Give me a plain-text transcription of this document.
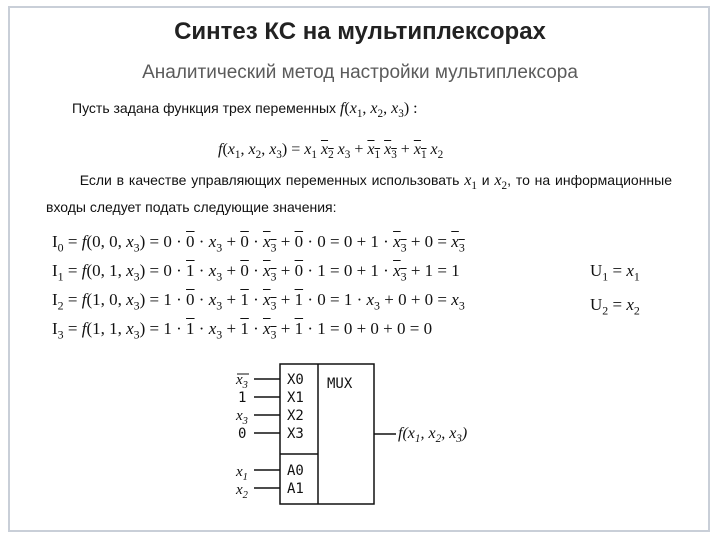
Синтез КС на мультиплексорах
Аналитический метод настройки мультиплексора
Пусть задана функция трех переменных $f(x_1$, $x_2$, $x_3$) :
$f(x_1$, $x_2$, $x_3) = x_1$ $x_2$ $x_3 + x_1$ $x_3 + x_1$ $x_2$
Если в качестве управляющих переменных использовать $x_1$ и $x_2$, то на информационные входы следует подать следующие значения:
$I_0 = f(0$, 0, $x_3) = 0 \cdot 0 \cdot x_3 + 0 \cdot x_3 + 0 \cdot 0 = 0 + 1 \cdot x_3 + 0 = x_3$
$I_1 = f(0$, 1, $x_3) = 0 \cdot 1 \cdot x_3 + 0 \cdot x_3 + 0 \cdot 1 = 0 + 1 \cdot x_3 + 1 = 1$
$I_2 = f(1$, 0, $x_3) = 1 \cdot 0 \cdot x_3 + 1 \cdot x_3 + 1 \cdot 0 = 1 \cdot x_3 + 0 + 0 = x_3$
$I_3 = f(1$, 1, $x_3) = 1 \cdot 1 \cdot x_3 + 1 \cdot x_3 + 1 \cdot 1 = 0 + 0 + 0 = 0$
$U_1 = x_1$
$U_2 = x_2$
$x_3$
1
$x_3$
0
$x_1$
$x_2$
X0
X1
X2
X3
A0
A1
MUX
$f(x_1$, $x_2$, $x_3$)
